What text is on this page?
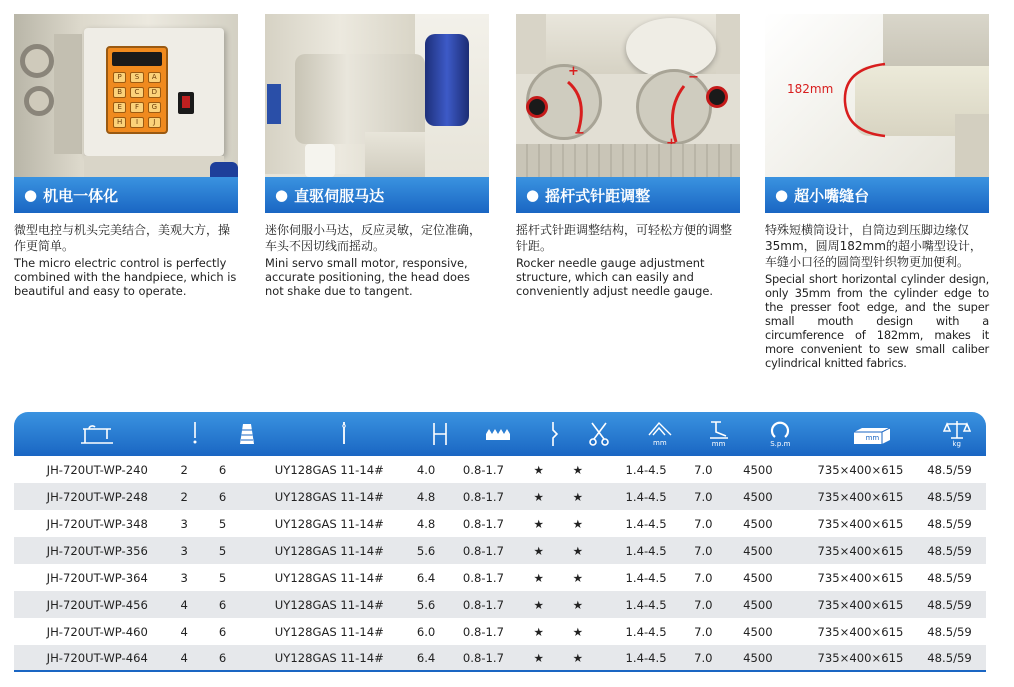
P	S	A
B	C	D
E	F	G
H	I	J
● 机电一体化
微型电控与机头完美结合，美观大方，操作更简单。
The micro electric control is perfectly combined with the handpiece, which is beautiful and easy to operate.
● 直驱伺服马达
迷你伺服小马达，反应灵敏，定位准确，车头不因切线而摇动。
Mini servo small motor, responsive, accurate positioning, the head does not shake due to tangent.
+
−
−
● 摇杆式针距调整
摇杆式针距调整结构，可轻松方便的调整针距。
Rocker needle gauge adjustment structure, which can easily and conveniently adjust needle gauge.
182mm
● 超小嘴缝台
特殊短横筒设计，自筒边到压脚边缘仅35mm，圆周182mm的超小嘴型设计，车缝小口径的圆筒型针织物更加便利。
Special short horizontal cylinder design, only 35mm from the cylinder edge to the presser foot edge, and the super small mouth design with a circumference of 182mm, makes it more convenient to sew small caliber cylindrical knitted fabrics.
mm	mm	S.p.m
mm
kg
JH-720UT-WP-240	2	6	UY128GAS 11-14#	4.0	0.8-1.7	★	★	1.4-4.5	7.0	4500	735×400×615	48.5/59
JH-720UT-WP-248	2	6	UY128GAS 11-14#	4.8	0.8-1.7	★	★	1.4-4.5	7.0	4500	735×400×615	48.5/59
JH-720UT-WP-348	3	5	UY128GAS 11-14#	4.8	0.8-1.7	★	★	1.4-4.5	7.0	4500	735×400×615	48.5/59
JH-720UT-WP-356	3	5	UY128GAS 11-14#	5.6	0.8-1.7	★	★	1.4-4.5	7.0	4500	735×400×615	48.5/59
JH-720UT-WP-364	3	5	UY128GAS 11-14#	6.4	0.8-1.7	★	★	1.4-4.5	7.0	4500	735×400×615	48.5/59
JH-720UT-WP-456	4	6	UY128GAS 11-14#	5.6	0.8-1.7	★	★	1.4-4.5	7.0	4500	735×400×615	48.5/59
JH-720UT-WP-460	4	6	UY128GAS 11-14#	6.0	0.8-1.7	★	★	1.4-4.5	7.0	4500	735×400×615	48.5/59
JH-720UT-WP-464	4	6	UY128GAS 11-14#	6.4	0.8-1.7	★	★	1.4-4.5	7.0	4500	735×400×615	48.5/59
